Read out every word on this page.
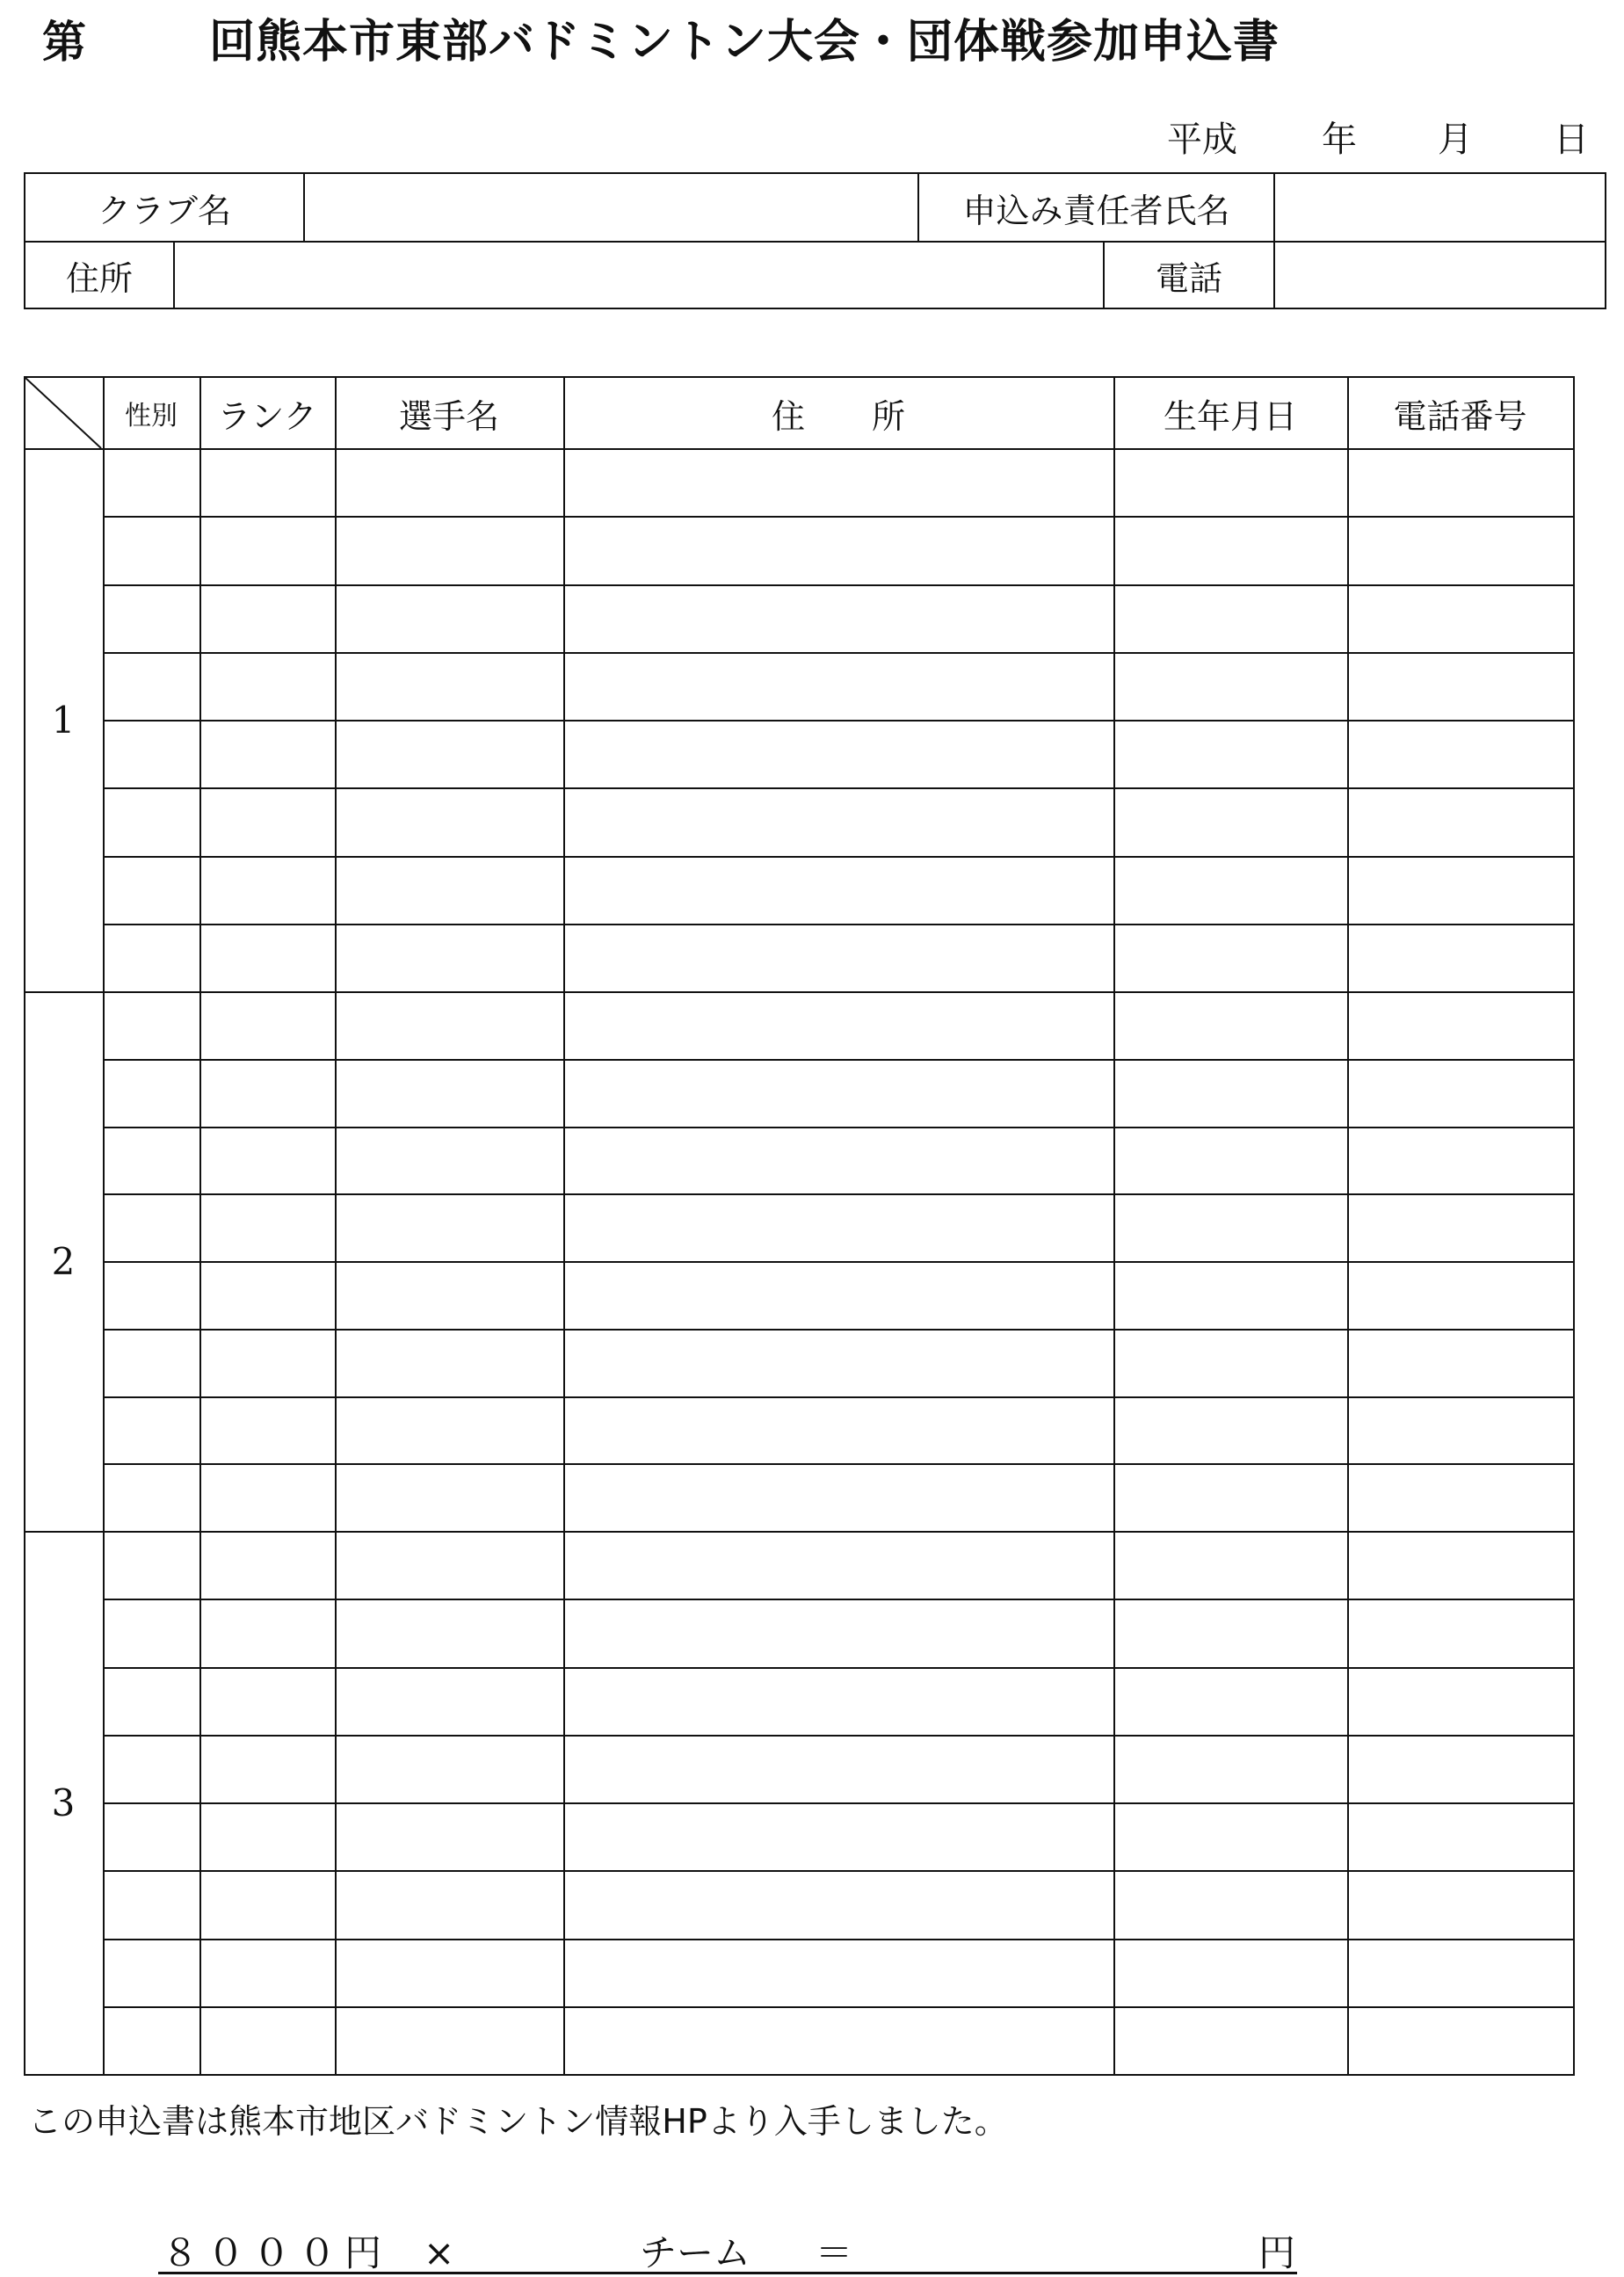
第	回熊本市東部バドミントン大会・団体戦参加申込書
平成 年 月 日
クラブ名	申込み責任者氏名
住所	電話
性別	ランク	選手名	住　　所	生年月日	電話番号
1
2
3
この申込書は熊本市地区バドミントン情報HPより入手しました。
８０００円 ×	チーム ＝	円
